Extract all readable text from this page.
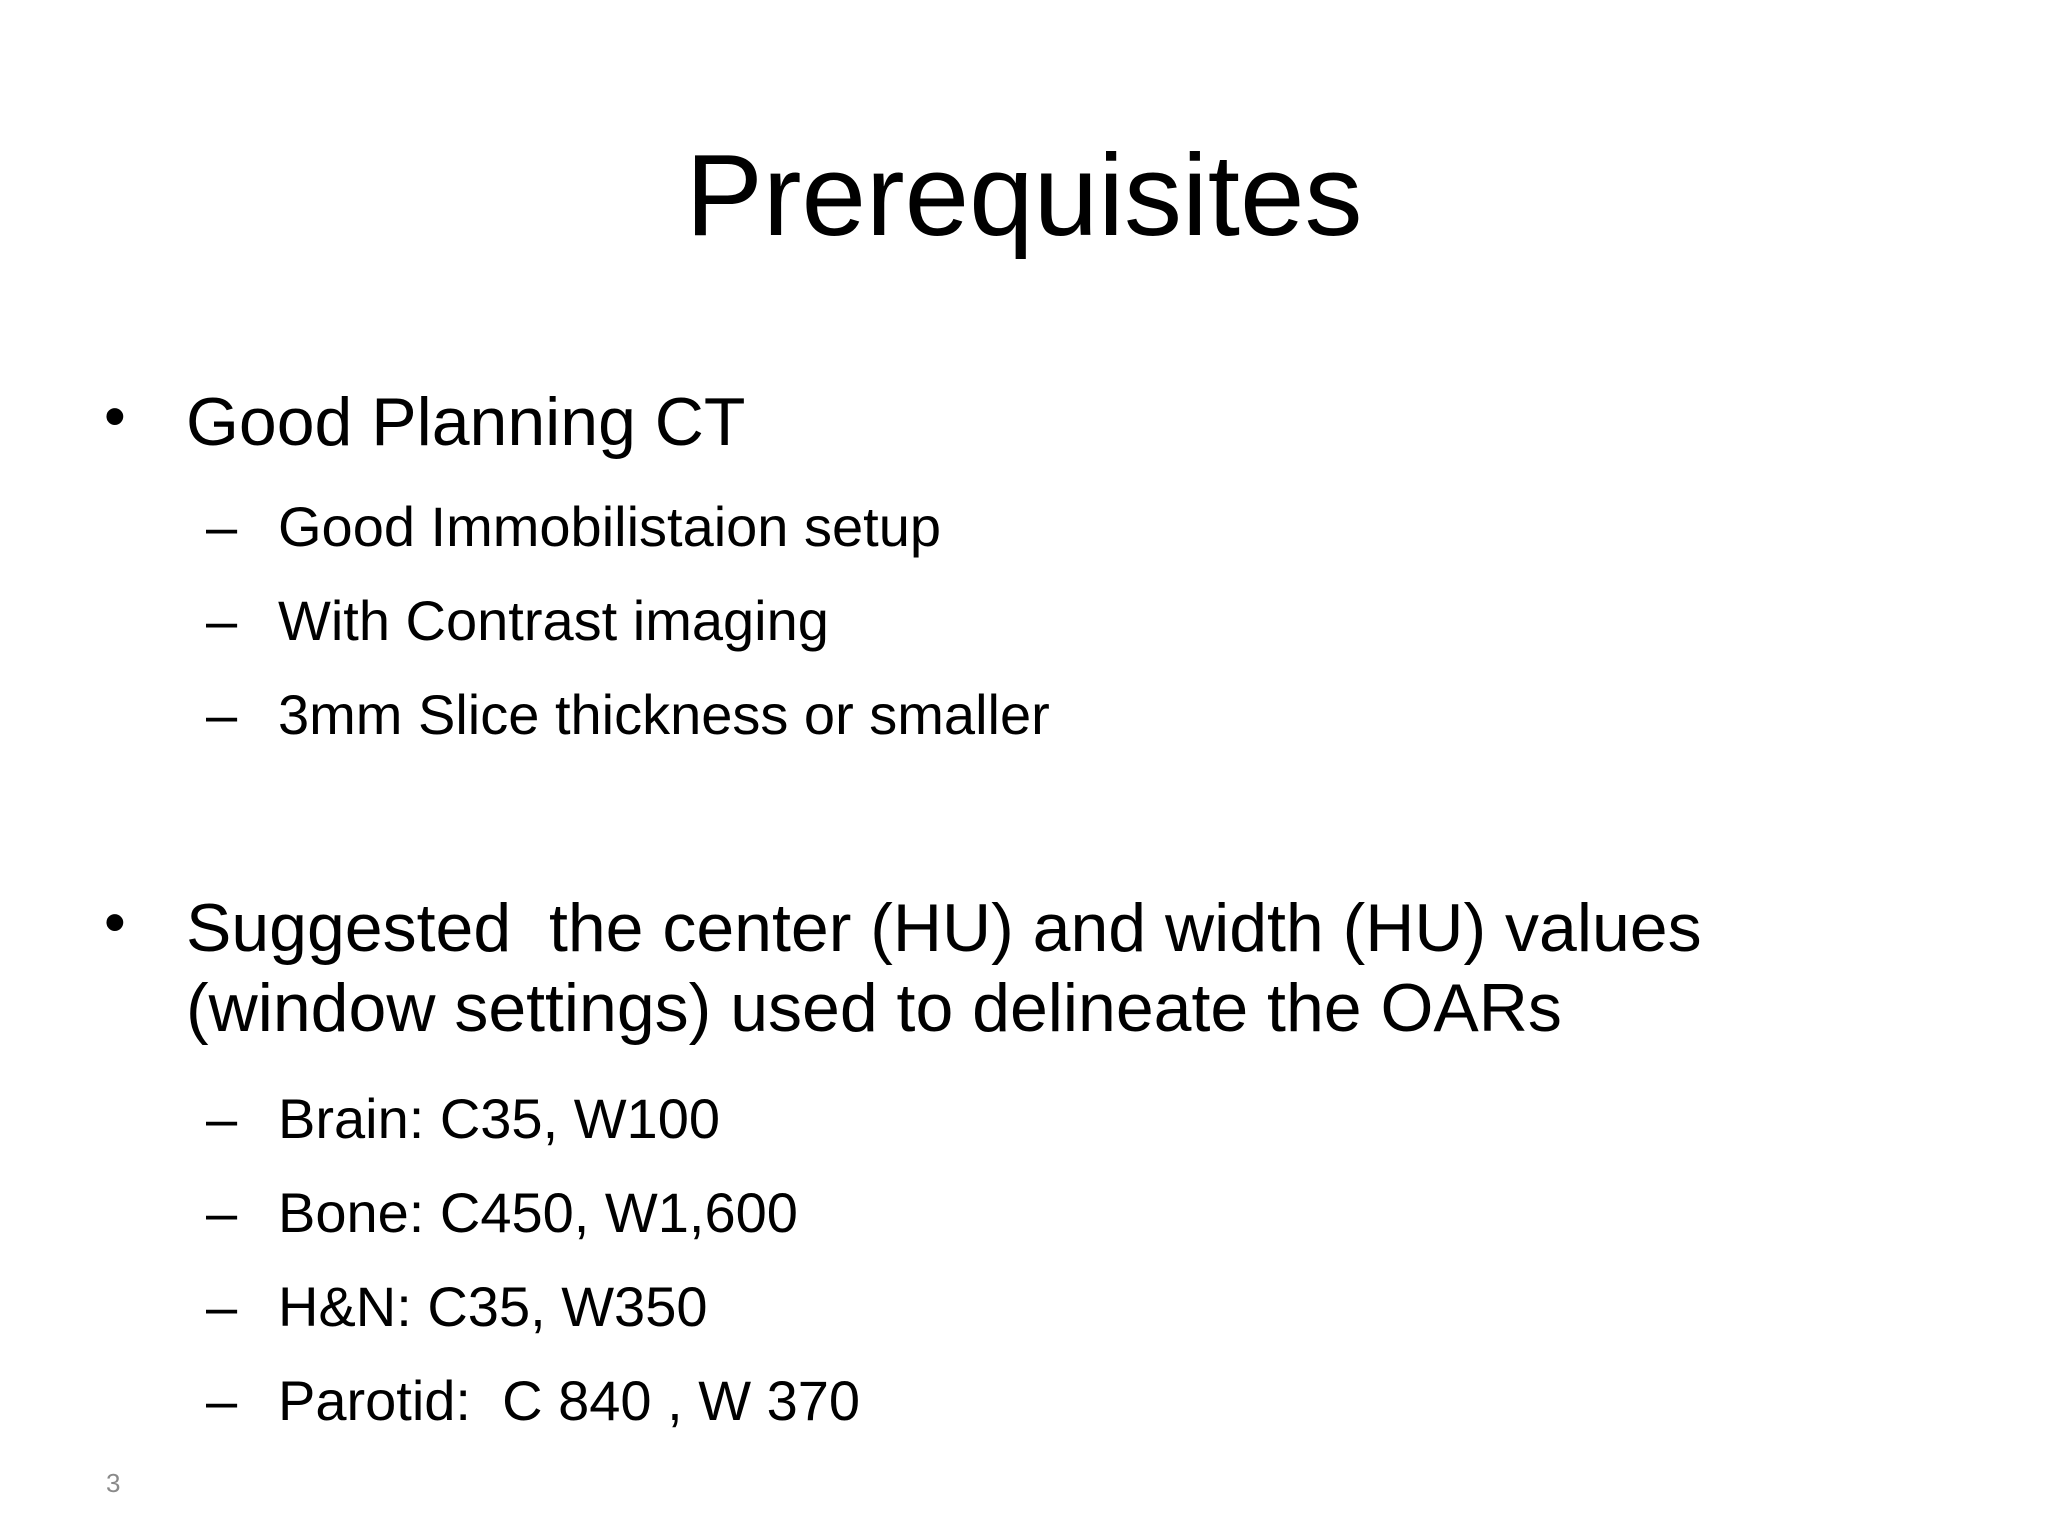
Prerequisites
• Good Planning CT
– Good Immobilistaion setup
– With Contrast imaging
– 3mm Slice thickness or smaller
• Suggested  the center (HU) and width (HU) values
(window settings) used to delineate the OARs
– Brain: C35, W100
– Bone: C450, W1,600
– H&N: C35, W350
– Parotid:  C 840 , W 370
3
